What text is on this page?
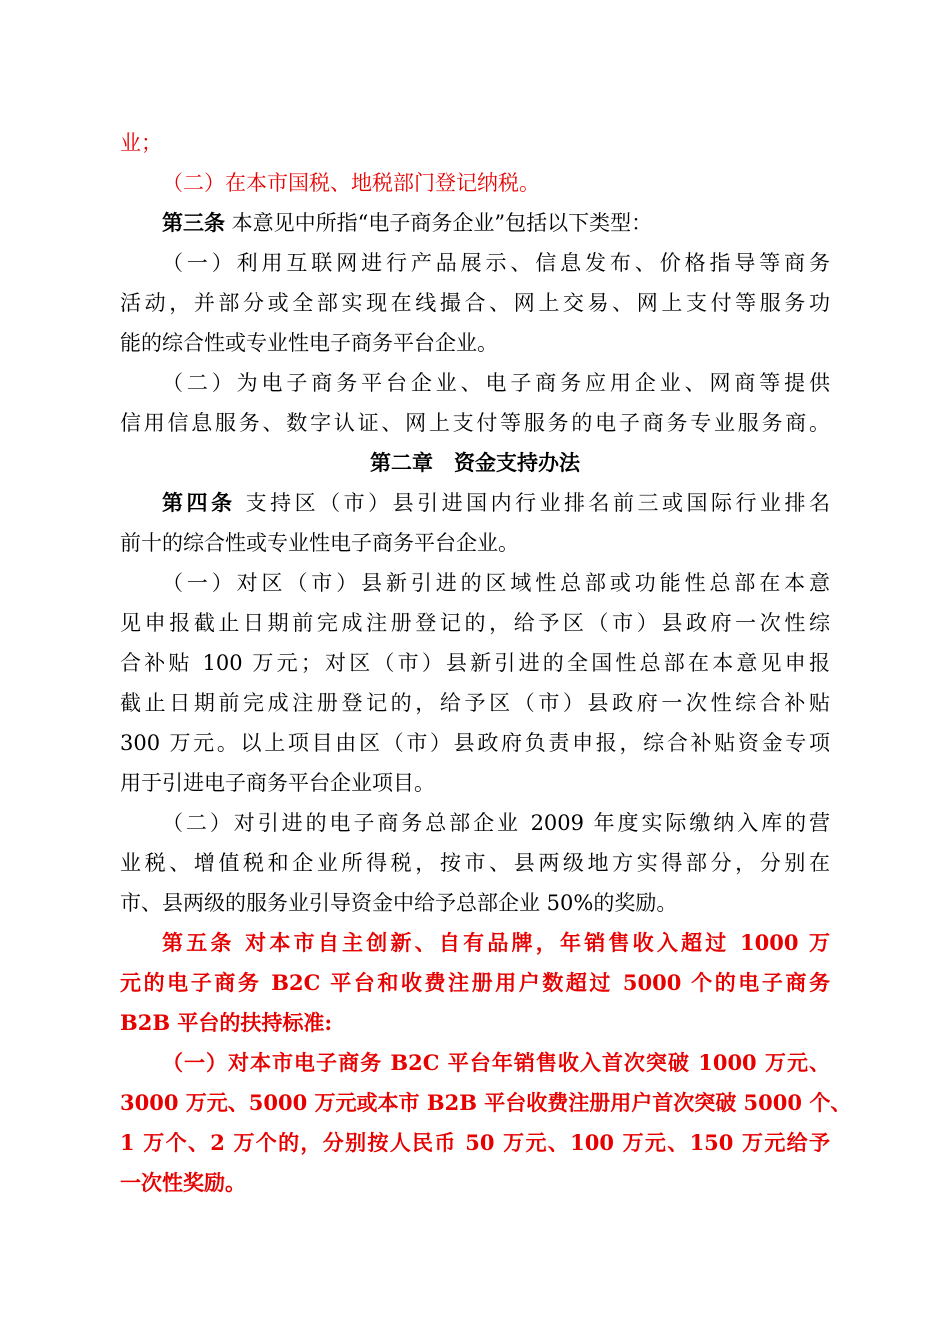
业；
（二）在本市国税、地税部门登记纳税。
第三条 本意见中所指“电子商务企业”包括以下类型：
（一）利用互联网进行产品展示、信息发布、价格指导等商务
活动，并部分或全部实现在线撮合、网上交易、网上支付等服务功
能的综合性或专业性电子商务平台企业。
（二）为电子商务平台企业、电子商务应用企业、网商等提供
信用信息服务、数字认证、网上支付等服务的电子商务专业服务商。
第二章　资金支持办法
第四条 支持区（市）县引进国内行业排名前三或国际行业排名
前十的综合性或专业性电子商务平台企业。
（一）对区（市）县新引进的区域性总部或功能性总部在本意
见申报截止日期前完成注册登记的，给予区（市）县政府一次性综
合补贴 100 万元；对区（市）县新引进的全国性总部在本意见申报
截止日期前完成注册登记的，给予区（市）县政府一次性综合补贴
300 万元。以上项目由区（市）县政府负责申报，综合补贴资金专项
用于引进电子商务平台企业项目。
（二）对引进的电子商务总部企业 2009 年度实际缴纳入库的营
业税、增值税和企业所得税，按市、县两级地方实得部分，分别在
市、县两级的服务业引导资金中给予总部企业 50%的奖励。
第五条 对本市自主创新、自有品牌，年销售收入超过 1000 万
元的电子商务 B2C 平台和收费注册用户数超过 5000 个的电子商务
B2B 平台的扶持标准:
（一）对本市电子商务 B2C 平台年销售收入首次突破 1000 万元、
3000 万元、5000 万元或本市 B2B 平台收费注册用户首次突破 5000 个、
1 万个、2 万个的，分别按人民币 50 万元、100 万元、150 万元给予
一次性奖励。
